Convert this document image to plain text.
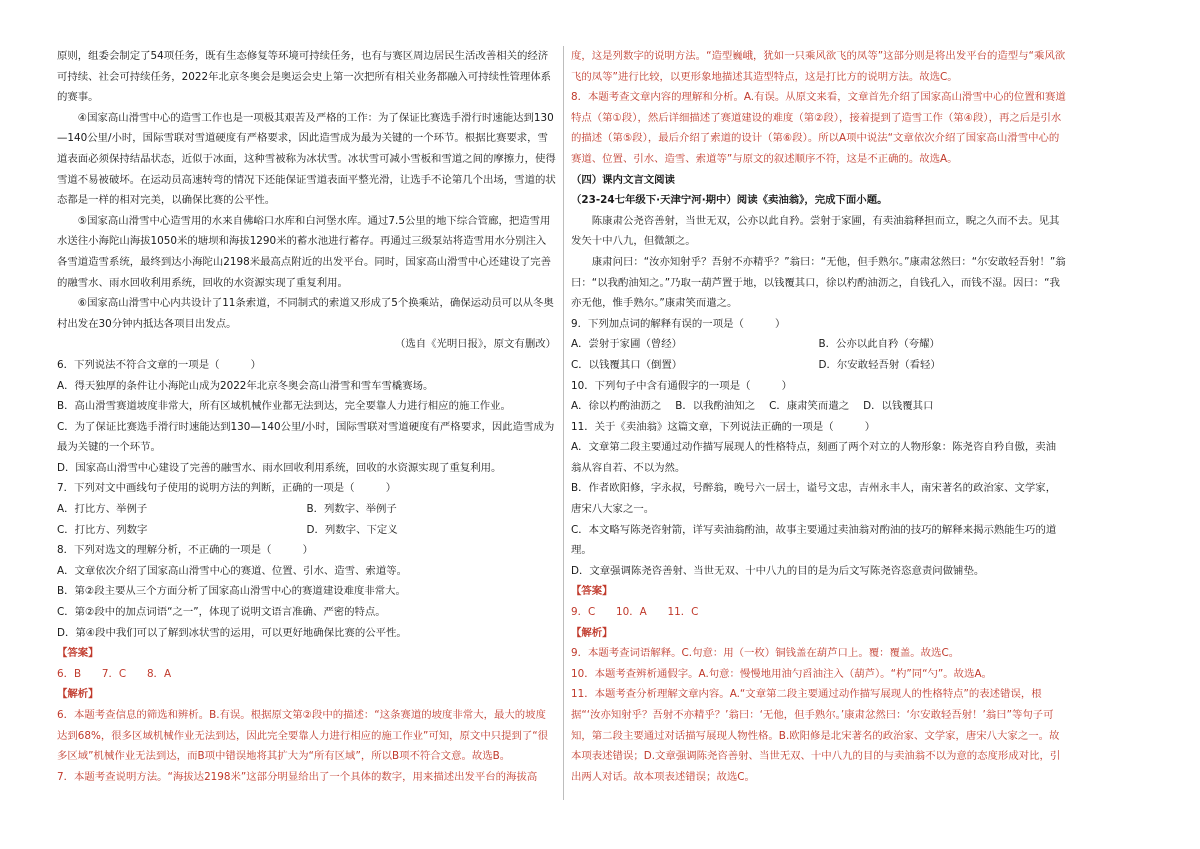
原则，组委会制定了54项任务，既有生态修复等环境可持续任务，也有与赛区周边居民生活改善相关的经济可持续、社会可持续任务，2022年北京冬奥会是奥运会史上第一次把所有相关业务都融入可持续性管理体系的赛事。

④国家高山滑雪中心的造雪工作也是一项极其艰苦及严格的工作：为了保证比赛选手滑行时速能达到130—140公里/小时，国际雪联对雪道硬度有严格要求，因此造雪成为最为关键的一个环节。根据比赛要求，雪道表面必须保持结晶状态，近似于冰面，这种雪被称为冰状雪。冰状雪可减小雪板和雪道之间的摩擦力，使得雪道不易被破坏。在运动员高速转弯的情况下还能保证雪道表面平整光滑，让选手不论第几个出场，雪道的状态都是一样的相对完美，以确保比赛的公平性。

⑤国家高山滑雪中心造雪用的水来自佛峪口水库和白河堡水库。通过7.5公里的地下综合管廊，把造雪用水送往小海陀山海拔1050米的塘坝和海拔1290米的蓄水池进行蓄存。再通过三级泵站将造雪用水分别注入各雪道造雪系统，最终到达小海陀山2198米最高点附近的出发平台。同时，国家高山滑雪中心还建设了完善的融雪水、雨水回收利用系统，回收的水资源实现了重复利用。

⑥国家高山滑雪中心内共设计了11条索道，不同制式的索道又形成了5个换乘站，确保运动员可以从冬奥村出发在30分钟内抵达各项目出发点。

（选自《光明日报》，原文有删改）

6．下列说法不符合文章的一项是（　　　）

A．得天独厚的条件让小海陀山成为2022年北京冬奥会高山滑雪和雪车雪橇赛场。

B．高山滑雪赛道坡度非常大，所有区域机械作业都无法到达，完全要靠人力进行相应的施工作业。

C．为了保证比赛选手滑行时速能达到130—140公里/小时，国际雪联对雪道硬度有严格要求，因此造雪成为最为关键的一个环节。

D．国家高山滑雪中心建设了完善的融雪水、雨水回收利用系统，回收的水资源实现了重复利用。

7．下列对文中画线句子使用的说明方法的判断，正确的一项是（　　　）

A．打比方、举例子	B．列数字、举例子
C．打比方、列数字	D．列数字、下定义

8．下列对选文的理解分析，不正确的一项是（　　　）

A．文章依次介绍了国家高山滑雪中心的赛道、位置、引水、造雪、索道等。

B．第②段主要从三个方面分析了国家高山滑雪中心的赛道建设难度非常大。

C．第②段中的加点词语“之一”，体现了说明文语言准确、严密的特点。

D．第④段中我们可以了解到冰状雪的运用，可以更好地确保比赛的公平性。

【答案】

6．B　　7．C　　8．A

【解析】

6．本题考查信息的筛选和辨析。B.有误。根据原文第②段中的描述：“这条赛道的坡度非常大，最大的坡度达到68%，很多区域机械作业无法到达，因此完全要靠人力进行相应的施工作业”可知，原文中只提到了“很多区域”机械作业无法到达，而B项中错误地将其扩大为“所有区域”，所以B项不符合文意。故选B。

7．本题考查说明方法。“海拔达2198米”这部分明显给出了一个具体的数字，用来描述出发平台的海拔高

度，这是列数字的说明方法。“造型巍峨，犹如一只乘风欲飞的凤等”这部分则是将出发平台的造型与“乘风欲飞的凤等”进行比较，以更形象地描述其造型特点，这是打比方的说明方法。故选C。

8．本题考查文章内容的理解和分析。A.有误。从原文来看，文章首先介绍了国家高山滑雪中心的位置和赛道特点（第①段），然后详细描述了赛道建设的难度（第②段），接着提到了造雪工作（第④段），再之后是引水的描述（第⑤段），最后介绍了索道的设计（第⑥段）。所以A项中说法“文章依次介绍了国家高山滑雪中心的赛道、位置、引水、造雪、索道等”与原文的叙述顺序不符，这是不正确的。故选A。

（四）课内文言文阅读

（23-24七年级下·天津宁河·期中）阅读《卖油翁》，完成下面小题。

陈康肃公尧咨善射，当世无双，公亦以此自矜。尝射于家圃，有卖油翁释担而立，睨之久而不去。见其发矢十中八九，但微颔之。

康肃问曰：“汝亦知射乎？吾射不亦精乎？”翁曰：“无他，但手熟尔。”康肃忿然曰：“尔安敢轻吾射！”翁曰：“以我酌油知之。”乃取一葫芦置于地，以钱覆其口，徐以杓酌油沥之，自钱孔入，而钱不湿。因曰：“我亦无他，惟手熟尔。”康肃笑而遣之。

9．下列加点词的解释有误的一项是（　　　）

A．尝射于家圃（曾经）	B．公亦以此自矜（夸耀）
C．以钱覆其口（倒置）	D．尔安敢轻吾射（看轻）

10．下列句子中含有通假字的一项是（　　　）

A．徐以杓酌油沥之 B．以我酌油知之 C．康肃笑而遣之 D．以钱覆其口

11．关于《卖油翁》这篇文章，下列说法正确的一项是（　　　）

A．文章第二段主要通过动作描写展现人的性格特点，刻画了两个对立的人物形象：陈尧咨自矜自傲，卖油翁从容自若、不以为然。

B．作者欧阳修，字永叔，号醉翁，晚号六一居士，谥号文忠，吉州永丰人，南宋著名的政治家、文学家，唐宋八大家之一。

C．本文略写陈尧咨射箭，详写卖油翁酌油，故事主要通过卖油翁对酌油的技巧的解释来揭示熟能生巧的道理。

D．文章强调陈尧咨善射、当世无双、十中八九的目的是为后文写陈尧咨恣意责问做铺垫。

【答案】

9．C　　10．A　　11．C

【解析】

9．本题考查词语解释。C.句意：用（一枚）铜钱盖在葫芦口上。覆：覆盖。故选C。

10．本题考查辨析通假字。A.句意：慢慢地用油勺舀油注入（葫芦）。“杓”同“勺”。故选A。

11．本题考查分析理解文章内容。A.“文章第二段主要通过动作描写展现人的性格特点”的表述错误，根据“‘汝亦知射乎？吾射不亦精乎？’翁曰：‘无他，但手熟尔。’康肃忿然曰：‘尔安敢轻吾射！’翁曰”等句子可知，第二段主要通过对话描写展现人物性格。B.欧阳修是北宋著名的政治家、文学家，唐宋八大家之一。故本项表述错误；D.文章强调陈尧咨善射、当世无双、十中八九的目的与卖油翁不以为意的态度形成对比，引出两人对话。故本项表述错误；故选C。
